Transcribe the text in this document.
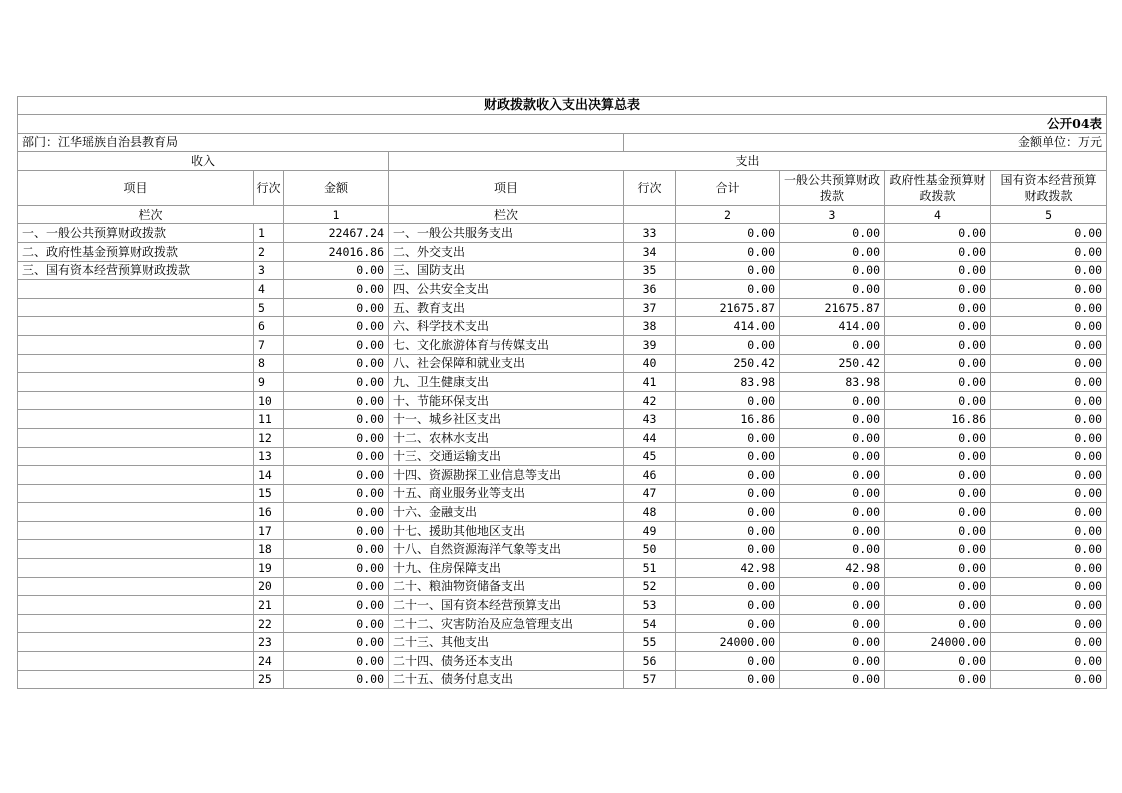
财政拨款收入支出决算总表								
				公开04表				
部门：江华瑶族自治县教育局				金额单位：万元				
收入			支出					
项目	行次	金额	项目	行次	合计	一般公共预算财政拨款	政府性基金预算财政拨款	国有资本经营预算财政拨款
栏次		1	栏次		2	3	4	5
一、一般公共预算财政拨款	1	22467.24	一、一般公共服务支出	33	0.00	0.00	0.00	0.00
二、政府性基金预算财政拨款	2	24016.86	二、外交支出	34	0.00	0.00	0.00	0.00
三、国有资本经营预算财政拨款	3	0.00	三、国防支出	35	0.00	0.00	0.00	0.00
	4	0.00	四、公共安全支出	36	0.00	0.00	0.00	0.00
	5	0.00	五、教育支出	37	21675.87	21675.87	0.00	0.00
	6	0.00	六、科学技术支出	38	414.00	414.00	0.00	0.00
	7	0.00	七、文化旅游体育与传媒支出	39	0.00	0.00	0.00	0.00
	8	0.00	八、社会保障和就业支出	40	250.42	250.42	0.00	0.00
	9	0.00	九、卫生健康支出	41	83.98	83.98	0.00	0.00
	10	0.00	十、节能环保支出	42	0.00	0.00	0.00	0.00
	11	0.00	十一、城乡社区支出	43	16.86	0.00	16.86	0.00
	12	0.00	十二、农林水支出	44	0.00	0.00	0.00	0.00
	13	0.00	十三、交通运输支出	45	0.00	0.00	0.00	0.00
	14	0.00	十四、资源勘探工业信息等支出	46	0.00	0.00	0.00	0.00
	15	0.00	十五、商业服务业等支出	47	0.00	0.00	0.00	0.00
	16	0.00	十六、金融支出	48	0.00	0.00	0.00	0.00
	17	0.00	十七、援助其他地区支出	49	0.00	0.00	0.00	0.00
	18	0.00	十八、自然资源海洋气象等支出	50	0.00	0.00	0.00	0.00
	19	0.00	十九、住房保障支出	51	42.98	42.98	0.00	0.00
	20	0.00	二十、粮油物资储备支出	52	0.00	0.00	0.00	0.00
	21	0.00	二十一、国有资本经营预算支出	53	0.00	0.00	0.00	0.00
	22	0.00	二十二、灾害防治及应急管理支出	54	0.00	0.00	0.00	0.00
	23	0.00	二十三、其他支出	55	24000.00	0.00	24000.00	0.00
	24	0.00	二十四、债务还本支出	56	0.00	0.00	0.00	0.00
	25	0.00	二十五、债务付息支出	57	0.00	0.00	0.00	0.00
